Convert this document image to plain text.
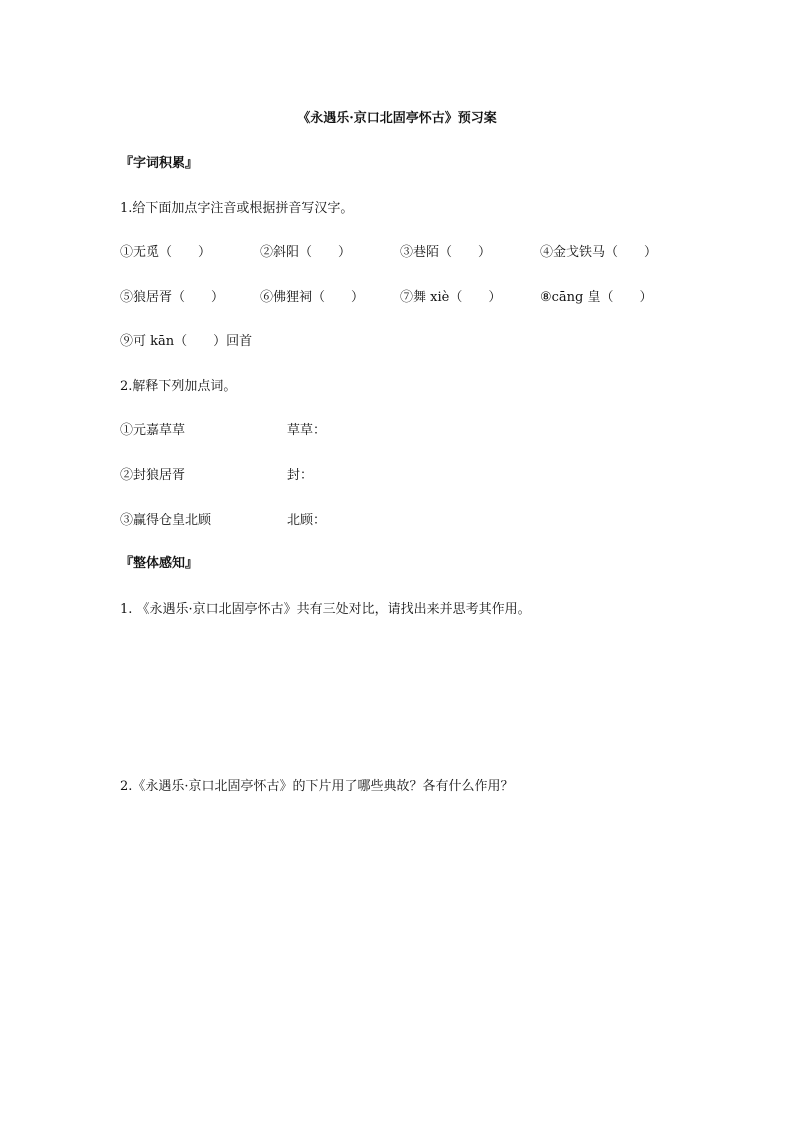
《永遇乐·京口北固亭怀古》预习案
『字词积累』
1.给下面加点字注音或根据拼音写汉字。
①无觅（　　）	②斜阳（　　）	③巷陌（　　）	④金戈铁马（　　）
⑤狼居胥（　　）	⑥佛狸祠（　　）	⑦舞 xiè（　　）	⑧cāng 皇（　　）
⑨可 kān（　　）回首
2.解释下列加点词。
①元嘉草草	草草：
②封狼居胥	封：
③赢得仓皇北顾	北顾：
『整体感知』
1. 《永遇乐·京口北固亭怀古》共有三处对比，请找出来并思考其作用。
2.《永遇乐·京口北固亭怀古》的下片用了哪些典故？各有什么作用？
